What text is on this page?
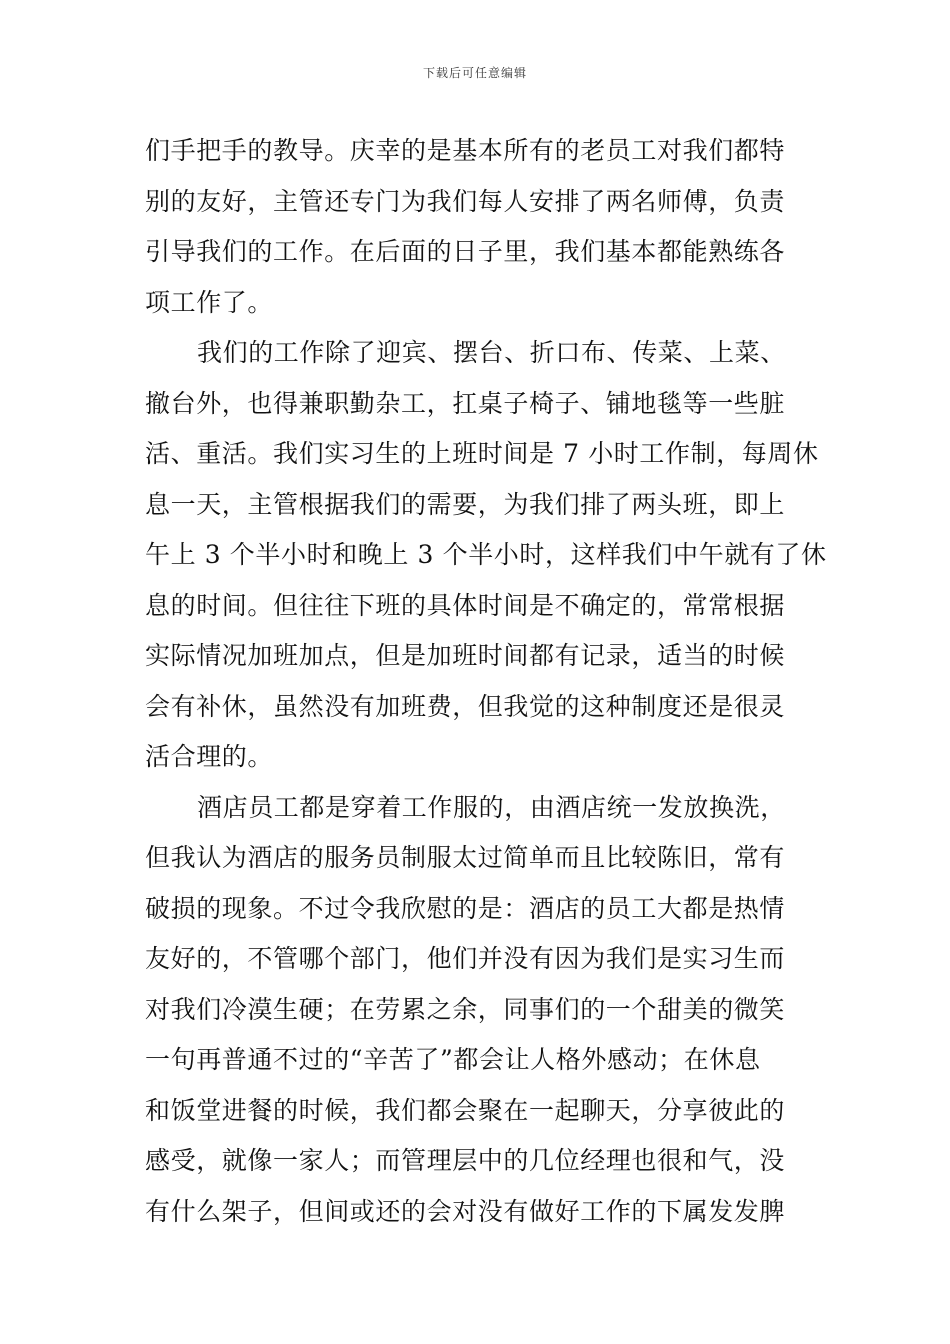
下载后可任意编辑
们手把手的教导。庆幸的是基本所有的老员工对我们都特
别的友好，主管还专门为我们每人安排了两名师傅，负责
引导我们的工作。在后面的日子里，我们基本都能熟练各
项工作了。
我们的工作除了迎宾、摆台、折口布、传菜、上菜、
撤台外，也得兼职勤杂工，扛桌子椅子、铺地毯等一些脏
活、重活。我们实习生的上班时间是 7 小时工作制，每周休
息一天，主管根据我们的需要，为我们排了两头班，即上
午上 3 个半小时和晚上 3 个半小时，这样我们中午就有了休
息的时间。但往往下班的具体时间是不确定的，常常根据
实际情况加班加点，但是加班时间都有记录，适当的时候
会有补休，虽然没有加班费，但我觉的这种制度还是很灵
活合理的。
酒店员工都是穿着工作服的，由酒店统一发放换洗，
但我认为酒店的服务员制服太过简单而且比较陈旧，常有
破损的现象。不过令我欣慰的是：酒店的员工大都是热情
友好的，不管哪个部门，他们并没有因为我们是实习生而
对我们冷漠生硬；在劳累之余，同事们的一个甜美的微笑
一句再普通不过的“辛苦了”都会让人格外感动；在休息
和饭堂进餐的时候，我们都会聚在一起聊天，分享彼此的
感受，就像一家人；而管理层中的几位经理也很和气，没
有什么架子，但间或还的会对没有做好工作的下属发发脾
